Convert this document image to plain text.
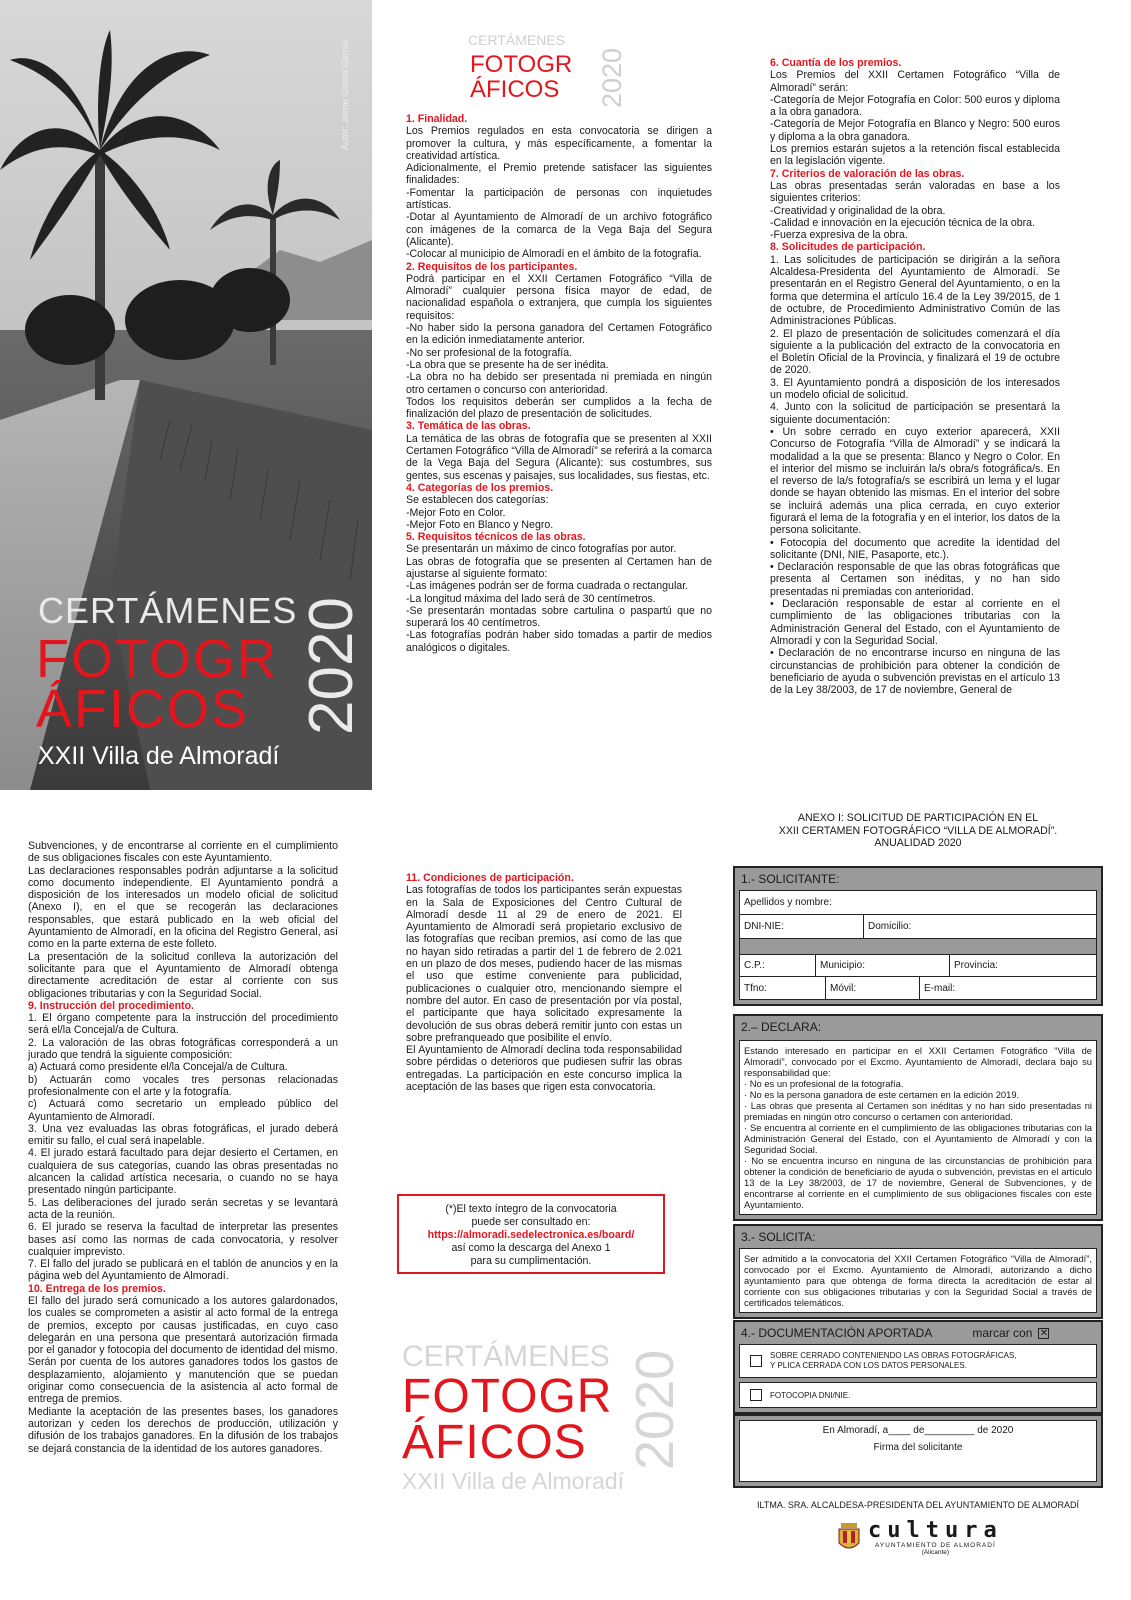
Autor: Jaime Girona García
CERTÁMENES
FOTOGR
ÁFICOS 2020
XXII Villa de Almoradí
CERTÁMENES
FOTOGR
ÁFICOS 2020
1. Finalidad.
Los Premios regulados en esta convocatoria se dirigen a promover la cultura, y más específicamente, a fomentar la creatividad artística.
Adicionalmente, el Premio pretende satisfacer las siguientes finalidades:
-Fomentar la participación de personas con inquietudes artísticas.
-Dotar al Ayuntamiento de Almoradí de un archivo fotográfico con imágenes de la comarca de la Vega Baja del Segura (Alicante).
-Colocar al municipio de Almoradí en el ámbito de la fotografía.
2. Requisitos de los participantes.
Podrá participar en el XXII Certamen Fotográfico “Villa de Almoradí” cualquier persona física mayor de edad, de nacionalidad española o extranjera, que cumpla los siguientes requisitos:
-No haber sido la persona ganadora del Certamen Fotográfico en la edición inmediatamente anterior.
-No ser profesional de la fotografía.
-La obra que se presente ha de ser inédita.
-La obra no ha debido ser presentada ni premiada en ningún otro certamen o concurso con anterioridad.
Todos los requisitos deberán ser cumplidos a la fecha de finalización del plazo de presentación de solicitudes.
3. Temática de las obras.
La temática de las obras de fotografía que se presenten al XXII Certamen Fotográfico “Villa de Almoradí” se referirá a la comarca de la Vega Baja del Segura (Alicante): sus costumbres, sus gentes, sus escenas y paisajes, sus localidades, sus fiestas, etc.
4. Categorías de los premios.
Se establecen dos categorías:
-Mejor Foto en Color.
-Mejor Foto en Blanco y Negro.
5. Requisitos técnicos de las obras.
Se presentarán un máximo de cinco fotografías por autor.
Las obras de fotografía que se presenten al Certamen han de ajustarse al siguiente formato:
-Las imágenes podrán ser de forma cuadrada o rectangular.
-La longitud máxima del lado será de 30 centímetros.
-Se presentarán montadas sobre cartulina o paspartú que no superará los 40 centímetros.
-Las fotografías podrán haber sido tomadas a partir de medios analógicos o digitales.
6. Cuantía de los premios.
Los Premios del XXII Certamen Fotográfico “Villa de Almoradí” serán:
-Categoría de Mejor Fotografía en Color: 500 euros y diploma a la obra ganadora.
-Categoría de Mejor Fotografía en Blanco y Negro: 500 euros y diploma a la obra ganadora.
Los premios estarán sujetos a la retención fiscal establecida en la legislación vigente.
7. Criterios de valoración de las obras.
Las obras presentadas serán valoradas en base a los siguientes criterios:
-Creatividad y originalidad de la obra.
-Calidad e innovación en la ejecución técnica de la obra.
-Fuerza expresiva de la obra.
8. Solicitudes de participación.
1. Las solicitudes de participación se dirigirán a la señora Alcaldesa-Presidenta del Ayuntamiento de Almoradí. Se presentarán en el Registro General del Ayuntamiento, o en la forma que determina el artículo 16.4 de la Ley 39/2015, de 1 de octubre, de Procedimiento Administrativo Común de las Administraciones Públicas.
2. El plazo de presentación de solicitudes comenzará el día siguiente a la publicación del extracto de la convocatoria en el Boletín Oficial de la Provincia, y finalizará el 19 de octubre de 2020.
3. El Ayuntamiento pondrá a disposición de los interesados un modelo oficial de solicitud.
4. Junto con la solicitud de participación se presentará la siguiente documentación:
• Un sobre cerrado en cuyo exterior aparecerá, XXII Concurso de Fotografía “Villa de Almoradí” y se indicará la modalidad a la que se presenta: Blanco y Negro o Color. En el interior del mismo se incluirán la/s obra/s fotográfica/s. En el reverso de la/s fotografía/s se escribirá un lema y el lugar donde se hayan obtenido las mismas. En el interior del sobre se incluirá además una plica cerrada, en cuyo exterior figurará el lema de la fotografía y en el interior, los datos de la persona solicitante.
• Fotocopia del documento que acredite la identidad del solicitante (DNI, NIE, Pasaporte, etc.).
• Declaración responsable de que las obras fotográficas que presenta al Certamen son inéditas, y no han sido presentadas ni premiadas con anterioridad.
• Declaración responsable de estar al corriente en el cumplimiento de las obligaciones tributarias con la Administración General del Estado, con el Ayuntamiento de Almoradí y con la Seguridad Social.
• Declaración de no encontrarse incurso en ninguna de las circunstancias de prohibición para obtener la condición de beneficiario de ayuda o subvención previstas en el artículo 13 de la Ley 38/2003, de 17 de noviembre, General de
Subvenciones, y de encontrarse al corriente en el cumplimiento de sus obligaciones fiscales con este Ayuntamiento.
Las declaraciones responsables podrán adjuntarse a la solicitud como documento independiente. El Ayuntamiento pondrá a disposición de los interesados un modelo oficial de solicitud (Anexo I), en el que se recogerán las declaraciones responsables, que estará publicado en la web oficial del Ayuntamiento de Almoradí, en la oficina del Registro General, así como en la parte externa de este folleto.
La presentación de la solicitud conlleva la autorización del solicitante para que el Ayuntamiento de Almoradí obtenga directamente acreditación de estar al corriente con sus obligaciones tributarias y con la Seguridad Social.
9. Instrucción del procedimiento.
1. El órgano competente para la instrucción del procedimiento será el/la Concejal/a de Cultura.
2. La valoración de las obras fotográficas corresponderá a un jurado que tendrá la siguiente composición:
a) Actuará como presidente el/la Concejal/a de Cultura.
b) Actuarán como vocales tres personas relacionadas profesionalmente con el arte y la fotografía.
c) Actuará como secretario un empleado público del Ayuntamiento de Almoradí.
3. Una vez evaluadas las obras fotográficas, el jurado deberá emitir su fallo, el cual será inapelable.
4. El jurado estará facultado para dejar desierto el Certamen, en cualquiera de sus categorías, cuando las obras presentadas no alcancen la calidad artística necesaria, o cuando no se haya presentado ningún participante.
5. Las deliberaciones del jurado serán secretas y se levantará acta de la reunión.
6. El jurado se reserva la facultad de interpretar las presentes bases así como las normas de cada convocatoria, y resolver cualquier imprevisto.
7. El fallo del jurado se publicará en el tablón de anuncios y en la página web del Ayuntamiento de Almoradí.
10. Entrega de los premios.
El fallo del jurado será comunicado a los autores galardonados, los cuales se comprometen a asistir al acto formal de la entrega de premios, excepto por causas justificadas, en cuyo caso delegarán en una persona que presentará autorización firmada por el ganador y fotocopia del documento de identidad del mismo.
Serán por cuenta de los autores ganadores todos los gastos de desplazamiento, alojamiento y manutención que se puedan originar como consecuencia de la asistencia al acto formal de entrega de premios.
Mediante la aceptación de las presentes bases, los ganadores autorizan y ceden los derechos de producción, utilización y difusión de los trabajos ganadores. En la difusión de los trabajos se dejará constancia de la identidad de los autores ganadores.
11. Condiciones de participación.
Las fotografías de todos los participantes serán expuestas en la Sala de Exposiciones del Centro Cultural de Almoradí desde 11 al 29 de enero de 2021. El Ayuntamiento de Almoradí será propietario exclusivo de las fotografías que reciban premios, así como de las que no hayan sido retiradas a partir del 1 de febrero de 2.021 en un plazo de dos meses, pudiendo hacer de las mismas el uso que estime conveniente para publicidad, publicaciones o cualquier otro, mencionando siempre el nombre del autor. En caso de presentación por vía postal, el participante que haya solicitado expresamente la devolución de sus obras deberá remitir junto con estas un sobre prefranqueado que posibilite el envío.
El Ayuntamiento de Almoradí declina toda responsabilidad sobre pérdidas o deterioros que pudiesen sufrir las obras entregadas. La participación en este concurso implica la aceptación de las bases que rigen esta convocatoria.
(*)El texto íntegro de la convocatoria
puede ser consultado en:
https://almoradi.sedelectronica.es/board/
así como la descarga del Anexo 1
para su cumplimentación.
CERTÁMENES
FOTOGR
ÁFICOS 2020
XXII Villa de Almoradí
ANEXO I: SOLICITUD DE PARTICIPACIÓN EN EL
XXII CERTAMEN FOTOGRÁFICO “VILLA DE ALMORADÍ”.
ANUALIDAD 2020
1.- SOLICITANTE:
Apellidos y nombre:
DNI-NIE:	Domicilio:
C.P.:	Municipio:	Provincia:
Tfno:	Móvil:	E-mail:
2.– DECLARA:
Estando interesado en participar en el XXII Certamen Fotográfico “Villa de Almoradí”, convocado por el Excmo. Ayuntamiento de Almoradí, declara bajo su responsabilidad que:
· No es un profesional de la fotografía.
· No es la persona ganadora de este certamen en la edición 2019.
· Las obras que presenta al Certamen son inéditas y no han sido presentadas ni premiadas en ningún otro concurso o certamen con anterioridad.
· Se encuentra al corriente en el cumplimiento de las obligaciones tributarias con la Administración General del Estado, con el Ayuntamiento de Almoradí y con la Seguridad Social.
· No se encuentra incurso en ninguna de las circunstancias de prohibición para obtener la condición de beneficiario de ayuda o subvención, previstas en el artículo 13 de la Ley 38/2003, de 17 de noviembre, General de Subvenciones, y de encontrarse al corriente en el cumplimiento de sus obligaciones fiscales con este Ayuntamiento.
3.- SOLICITA:
Ser admitido a la convocatoria del XXII Certamen Fotográfico “Villa de Almoradí”, convocado por el Excmo. Ayuntamiento de Almoradí, autorizando a dicho ayuntamiento para que obtenga de forma directa la acreditación de estar al corriente con sus obligaciones tributarias y con la Seguridad Social a través de certificados telemáticos.
4.- DOCUMENTACIÓN APORTADA	marcar con ✕
SOBRE CERRADO CONTENIENDO LAS OBRAS FOTOGRÁFICAS,
Y PLICA CERRADA CON LOS DATOS PERSONALES.
FOTOCOPIA DNI/NIE.
En Almoradí, a____ de_________ de 2020
Firma del solicitante
ILTMA. SRA. ALCALDESA-PRESIDENTA DEL AYUNTAMIENTO DE ALMORADÍ
cultura
AYUNTAMIENTO DE ALMORADÍ
(Alicante)
